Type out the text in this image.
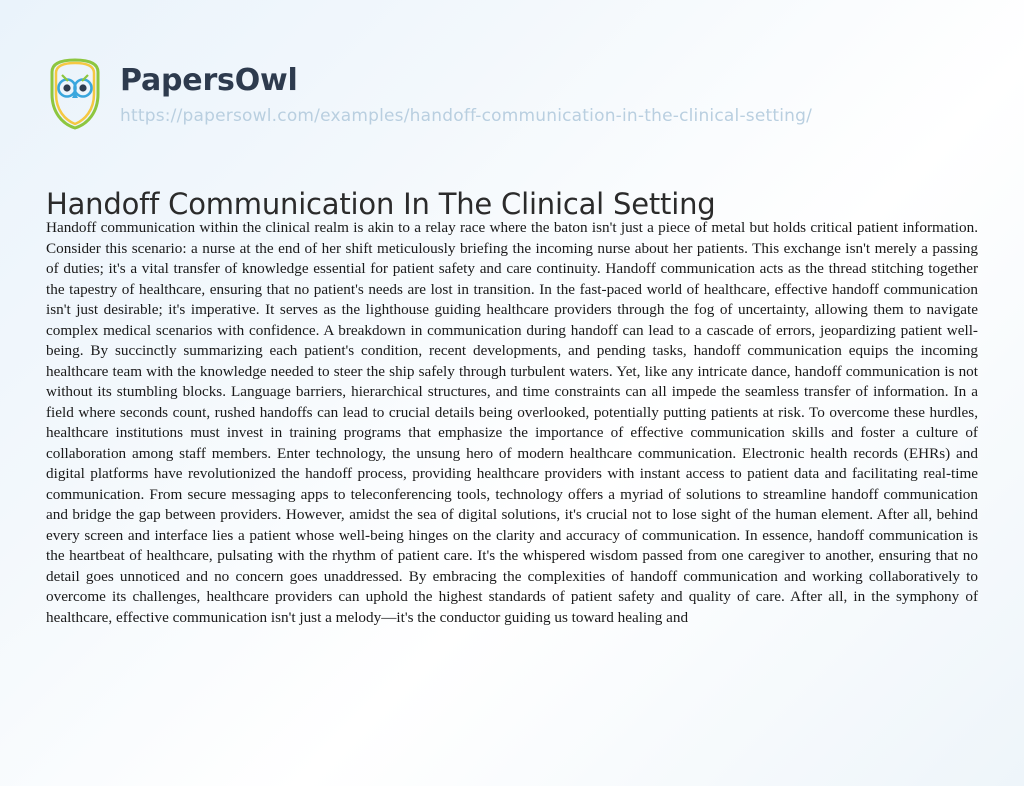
PapersOwl
https://papersowl.com/examples/handoff-communication-in-the-clinical-setting/
Handoff Communication In The Clinical Setting
Handoff communication within the clinical realm is akin to a relay race where the baton isn't just a piece of metal but holds critical patient information. Consider this scenario: a nurse at the end of her shift meticulously briefing the incoming nurse about her patients. This exchange isn't merely a passing of duties; it's a vital transfer of knowledge essential for patient safety and care continuity. Handoff communication acts as the thread stitching together the tapestry of healthcare, ensuring that no patient's needs are lost in transition. In the fast-paced world of healthcare, effective handoff communication isn't just desirable; it's imperative. It serves as the lighthouse guiding healthcare providers through the fog of uncertainty, allowing them to navigate complex medical scenarios with confidence. A breakdown in communication during handoff can lead to a cascade of errors, jeopardizing patient well-being. By succinctly summarizing each patient's condition, recent developments, and pending tasks, handoff communication equips the incoming healthcare team with the knowledge needed to steer the ship safely through turbulent waters. Yet, like any intricate dance, handoff communication is not without its stumbling blocks. Language barriers, hierarchical structures, and time constraints can all impede the seamless transfer of information. In a field where seconds count, rushed handoffs can lead to crucial details being overlooked, potentially putting patients at risk. To overcome these hurdles, healthcare institutions must invest in training programs that emphasize the importance of effective communication skills and foster a culture of collaboration among staff members. Enter technology, the unsung hero of modern healthcare communication. Electronic health records (EHRs) and digital platforms have revolutionized the handoff process, providing healthcare providers with instant access to patient data and facilitating real-time communication. From secure messaging apps to teleconferencing tools, technology offers a myriad of solutions to streamline handoff communication and bridge the gap between providers. However, amidst the sea of digital solutions, it's crucial not to lose sight of the human element. After all, behind every screen and interface lies a patient whose well-being hinges on the clarity and accuracy of communication. In essence, handoff communication is the heartbeat of healthcare, pulsating with the rhythm of patient care. It's the whispered wisdom passed from one caregiver to another, ensuring that no detail goes unnoticed and no concern goes unaddressed. By embracing the complexities of handoff communication and working collaboratively to overcome its challenges, healthcare providers can uphold the highest standards of patient safety and quality of care. After all, in the symphony of healthcare, effective communication isn't just a melody—it's the conductor guiding us toward healing and
